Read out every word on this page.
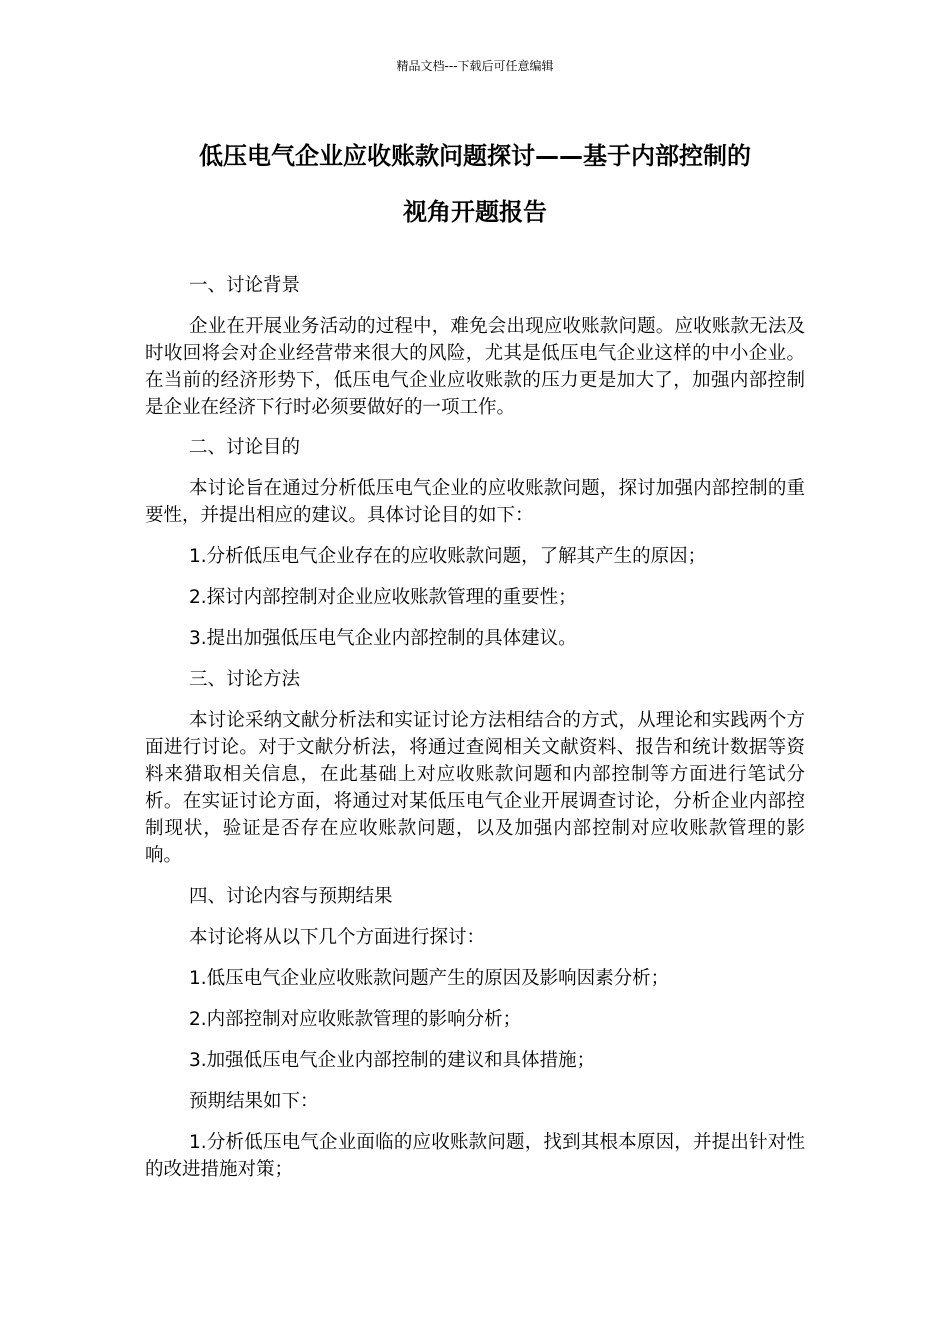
精品文档---下载后可任意编辑
低压电气企业应收账款问题探讨——基于内部控制的
视角开题报告

一、讨论背景

企业在开展业务活动的过程中，难免会出现应收账款问题。应收账款无法及时收回将会对企业经营带来很大的风险，尤其是低压电气企业这样的中小企业。在当前的经济形势下，低压电气企业应收账款的压力更是加大了，加强内部控制是企业在经济下行时必须要做好的一项工作。

二、讨论目的

本讨论旨在通过分析低压电气企业的应收账款问题，探讨加强内部控制的重要性，并提出相应的建议。具体讨论目的如下：

1.分析低压电气企业存在的应收账款问题，了解其产生的原因；

2.探讨内部控制对企业应收账款管理的重要性；

3.提出加强低压电气企业内部控制的具体建议。

三、讨论方法

本讨论采纳文献分析法和实证讨论方法相结合的方式，从理论和实践两个方面进行讨论。对于文献分析法，将通过查阅相关文献资料、报告和统计数据等资料来猎取相关信息，在此基础上对应收账款问题和内部控制等方面进行笔试分析。在实证讨论方面，将通过对某低压电气企业开展调查讨论，分析企业内部控制现状，验证是否存在应收账款问题，以及加强内部控制对应收账款管理的影响。

四、讨论内容与预期结果

本讨论将从以下几个方面进行探讨：

1.低压电气企业应收账款问题产生的原因及影响因素分析；

2.内部控制对应收账款管理的影响分析；

3.加强低压电气企业内部控制的建议和具体措施；

预期结果如下：

1.分析低压电气企业面临的应收账款问题，找到其根本原因，并提出针对性的改进措施对策；
